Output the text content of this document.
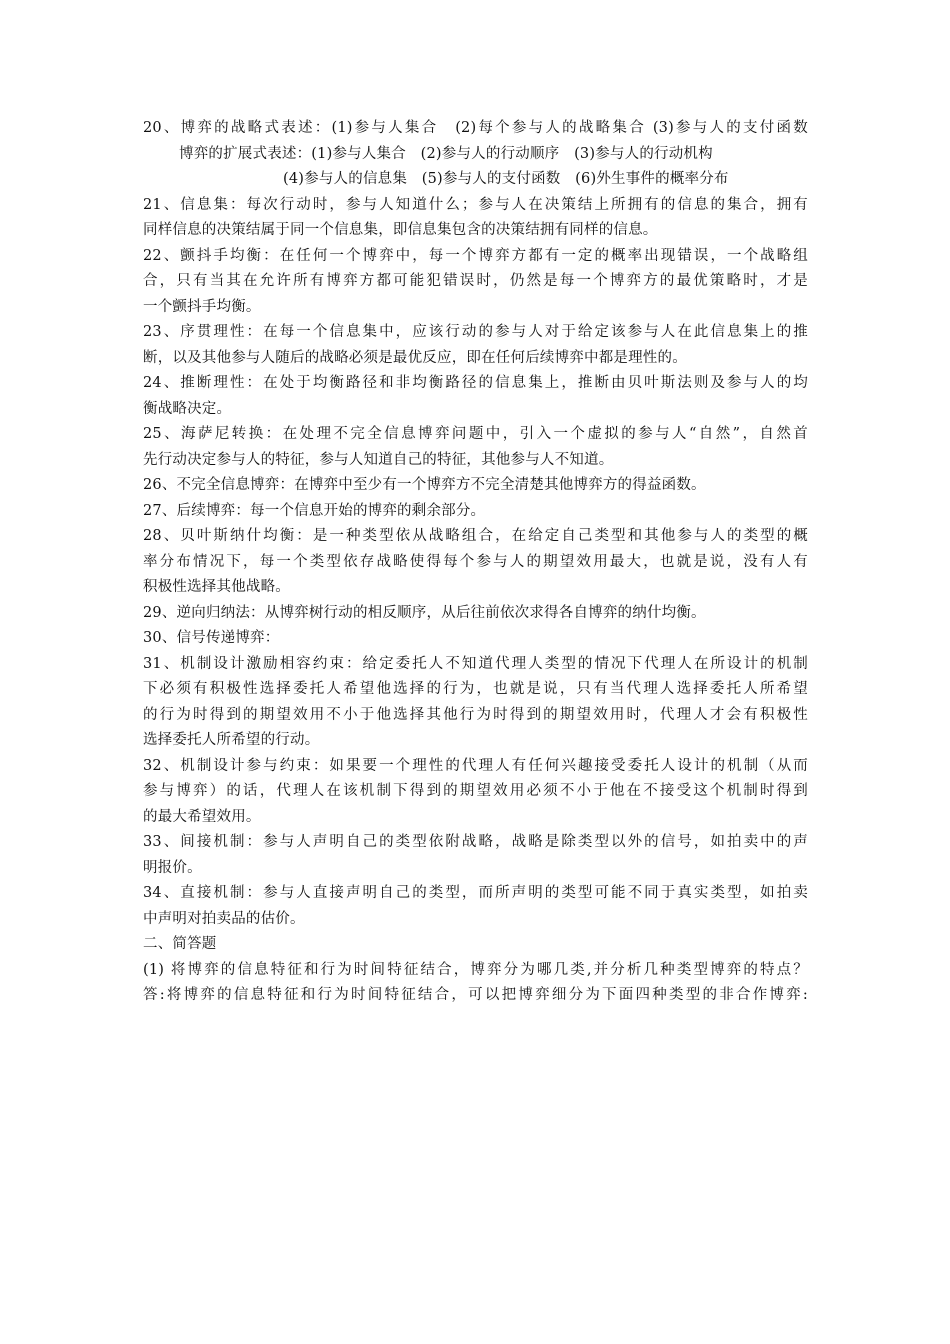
20、博弈的战略式表述：(1)参与人集合　(2)每个参与人的战略集合 (3)参与人的支付函数
博弈的扩展式表述：(1)参与人集合　(2)参与人的行动顺序　(3)参与人的行动机构
(4)参与人的信息集　(5)参与人的支付函数　(6)外生事件的概率分布
21、信息集：每次行动时，参与人知道什么；参与人在决策结上所拥有的信息的集合，拥有
同样信息的决策结属于同一个信息集，即信息集包含的决策结拥有同样的信息。
22、颤抖手均衡：在任何一个博弈中，每一个博弈方都有一定的概率出现错误，一个战略组
合，只有当其在允许所有博弈方都可能犯错误时，仍然是每一个博弈方的最优策略时，才是
一个颤抖手均衡。
23、序贯理性：在每一个信息集中，应该行动的参与人对于给定该参与人在此信息集上的推
断，以及其他参与人随后的战略必须是最优反应，即在任何后续博弈中都是理性的。
24、推断理性：在处于均衡路径和非均衡路径的信息集上，推断由贝叶斯法则及参与人的均
衡战略决定。
25、海萨尼转换：在处理不完全信息博弈问题中，引入一个虚拟的参与人“自然”，自然首
先行动决定参与人的特征，参与人知道自己的特征，其他参与人不知道。
26、不完全信息博弈：在博弈中至少有一个博弈方不完全清楚其他博弈方的得益函数。
27、后续博弈：每一个信息开始的博弈的剩余部分。
28、贝叶斯纳什均衡：是一种类型依从战略组合，在给定自己类型和其他参与人的类型的概
率分布情况下，每一个类型依存战略使得每个参与人的期望效用最大，也就是说，没有人有
积极性选择其他战略。
29、逆向归纳法：从博弈树行动的相反顺序，从后往前依次求得各自博弈的纳什均衡。
30、信号传递博弈：
31、机制设计激励相容约束：给定委托人不知道代理人类型的情况下代理人在所设计的机制
下必须有积极性选择委托人希望他选择的行为，也就是说，只有当代理人选择委托人所希望
的行为时得到的期望效用不小于他选择其他行为时得到的期望效用时，代理人才会有积极性
选择委托人所希望的行动。
32、机制设计参与约束：如果要一个理性的代理人有任何兴趣接受委托人设计的机制（从而
参与博弈）的话，代理人在该机制下得到的期望效用必须不小于他在不接受这个机制时得到
的最大希望效用。
33、间接机制：参与人声明自己的类型依附战略，战略是除类型以外的信号，如拍卖中的声
明报价。
34、直接机制：参与人直接声明自己的类型，而所声明的类型可能不同于真实类型，如拍卖
中声明对拍卖品的估价。
二、简答题
(1) 将博弈的信息特征和行为时间特征结合，博弈分为哪几类,并分析几种类型博弈的特点？
答:将博弈的信息特征和行为时间特征结合，可以把博弈细分为下面四种类型的非合作博弈:
